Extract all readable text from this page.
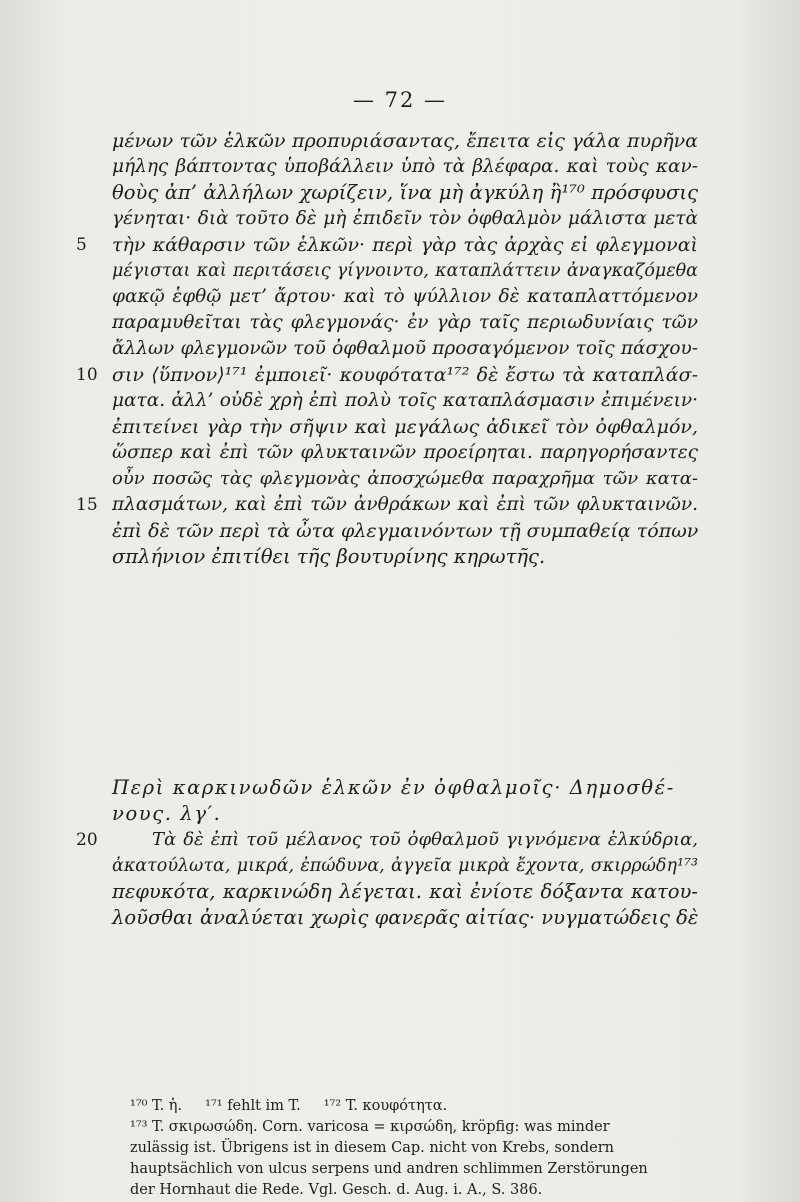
— 72 —
μένων τῶν ἑλκῶν προπυριάσαντας, ἔπειτα εἰς γάλα πυρῆνα
μήλης βάπτοντας ὑποβάλλειν ὑπὸ τὰ βλέφαρα. καὶ τοὺς καν-
θοὺς ἀπ’ ἀλλήλων χωρίζειν, ἵνα μὴ ἀγκύλη ἢ¹⁷⁰ πρόσφυσις
γένηται· διὰ τοῦτο δὲ μὴ ἐπιδεῖν τὸν ὀφθαλμὸν μάλιστα μετὰ
5	τὴν κάθαρσιν τῶν ἑλκῶν· περὶ γὰρ τὰς ἀρχὰς εἰ φλεγμοναὶ
μέγισται καὶ περιτάσεις γίγνοιντο, καταπλάττειν ἀναγκαζόμεθα
φακῷ ἑφθῷ μετ’ ἄρτου· καὶ τὸ ψύλλιον δὲ καταπλαττόμενον
παραμυθεῖται τὰς φλεγμονάς· ἐν γὰρ ταῖς περιωδυνίαις τῶν
ἄλλων φλεγμονῶν τοῦ ὀφθαλμοῦ προσαγόμενον τοῖς πάσχου-
10 σιν ⟨ὕπνον⟩¹⁷¹ ἐμποιεῖ· κουφότατα¹⁷² δὲ ἔστω τὰ καταπλάσ-
ματα. ἀλλ’ οὐδὲ χρὴ ἐπὶ πολὺ τοῖς καταπλάσμασιν ἐπιμένειν·
ἐπιτείνει γὰρ τὴν σῆψιν καὶ μεγάλως ἀδικεῖ τὸν ὀφθαλμόν,
ὥσπερ καὶ ἐπὶ τῶν φλυκταινῶν προείρηται. παρηγορήσαντες
οὖν ποσῶς τὰς φλεγμονὰς ἀποσχώμεθα παραχρῆμα τῶν κατα-
15 πλασμάτων, καὶ ἐπὶ τῶν ἀνθράκων καὶ ἐπὶ τῶν φλυκταινῶν.
ἐπὶ δὲ τῶν περὶ τὰ ὦτα φλεγμαινόντων τῇ συμπαθείᾳ τόπων
σπλήνιον ἐπιτίθει τῆς βουτυρίνης κηρωτῆς.
Περὶ καρκινωδῶν ἑλκῶν ἐν ὀφθαλμοῖς· Δημοσθέ-
νους. λγ′.
20	Τὰ δὲ ἐπὶ τοῦ μέλανος τοῦ ὀφθαλμοῦ γιγνόμενα ἑλκύδρια,
ἀκατούλωτα, μικρά, ἐπώδυνα, ἀγγεῖα μικρὰ ἔχοντα, σκιρρώδη¹⁷³
πεφυκότα, καρκινώδη λέγεται. καὶ ἐνίοτε δόξαντα κατου-
λοῦσθαι ἀναλύεται χωρὶς φανερᾶς αἰτίας· νυγματώδεις δὲ
¹⁷⁰ T. ἡ.     ¹⁷¹ fehlt im T.     ¹⁷² T. κουφότητα.
¹⁷³ T. σκιρωσώδη. Corn. varicosa = κιρσώδη, kröpfig: was minder
zulässig ist. Übrigens ist in diesem Cap. nicht von Krebs, sondern
hauptsächlich von ulcus serpens und andren schlimmen Zerstörungen
der Hornhaut die Rede. Vgl. Gesch. d. Aug. i. A., S. 386.
